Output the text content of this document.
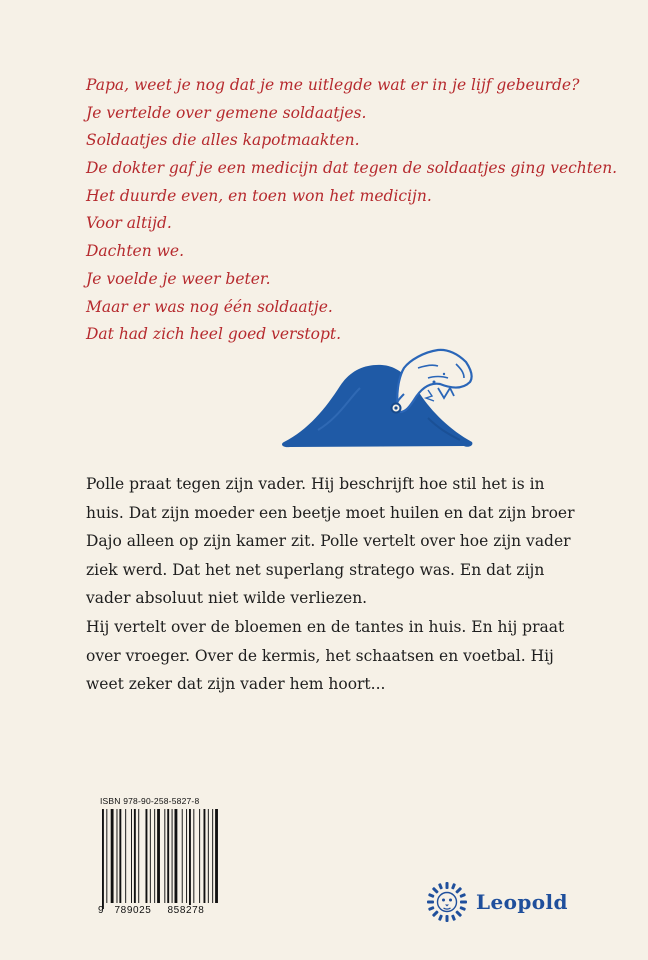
Papa, weet je nog dat je me uitlegde wat er in je lijf gebeurde?
Je vertelde over gemene soldaatjes.
Soldaatjes die alles kapotmaakten.
De dokter gaf je een medicijn dat tegen de soldaatjes ging vechten.
Het duurde even, en toen won het medicijn.
Voor altijd.
Dachten we.
Je voelde je weer beter.
Maar er was nog één soldaatje.
Dat had zich heel goed verstopt.

Polle praat tegen zijn vader. Hij beschrijft hoe stil het is in huis. Dat zijn moeder een beetje moet huilen en dat zijn broer Dajo alleen op zijn kamer zit. Polle vertelt over hoe zijn vader ziek werd. Dat het net superlang stratego was. En dat zijn vader absoluut niet wilde verliezen.

Hij vertelt over de bloemen en de tantes in huis. En hij praat over vroeger. Over de kermis, het schaatsen en voetbal. Hij weet zeker dat zijn vader hem hoort...

ISBN 978-90-258-5827-8
9	789025	858278	Leopold
